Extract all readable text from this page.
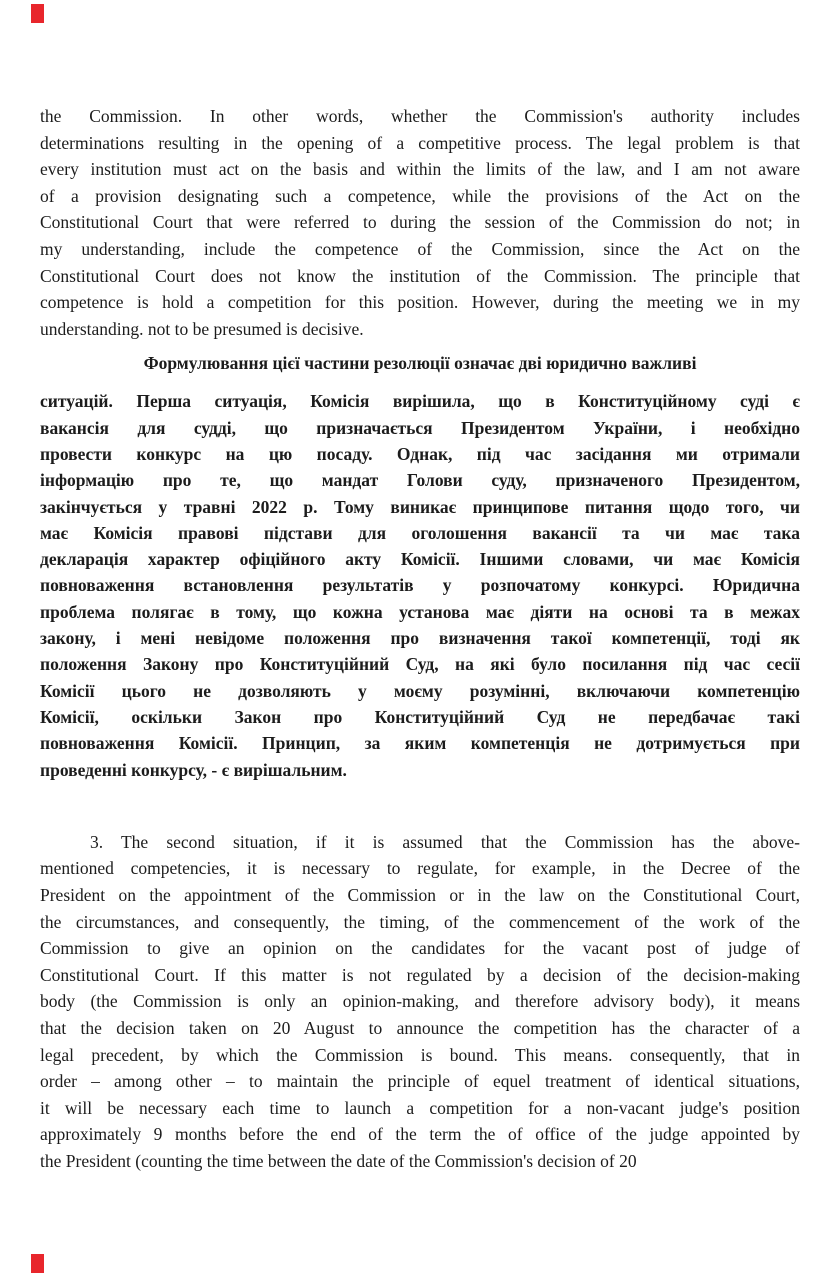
the Commission. In other words, whether the Commission's authority includes
determinations resulting in the opening of a competitive process. The legal problem is that
every institution must act on the basis and within the limits of the law, and I am not aware
of a provision designating such a competence, while the provisions of the Act on the
Constitutional Court that were referred to during the session of the Commission do not; in
my understanding, include the competence of the Commission, since the Act on the
Constitutional Court does not know the institution of the Commission. The principle that
competence is hold a competition for this position. However, during the meeting we in my
understanding. not to be presumed is decisive.
Формулювання цієї частини резолюції означає дві юридично важливі
ситуацій. Перша ситуація, Комісія вирішила, що в Конституційному суді є
вакансія для судді, що призначається Президентом України, і необхідно
провести конкурс на цю посаду. Однак, під час засідання ми отримали
інформацію про те, що мандат Голови суду, призначеного Президентом,
закінчується у травні 2022 р. Тому виникає принципове питання щодо того, чи
має Комісія правові підстави для оголошення вакансії та чи має така
декларація характер офіційного акту Комісії. Іншими словами, чи має Комісія
повноваження встановлення результатів у розпочатому конкурсі. Юридична
проблема полягає в тому, що кожна установа має діяти на основі та в межах
закону, і мені невідоме положення про визначення такої компетенції, тоді як
положення Закону про Конституційний Суд, на які було посилання під час сесії
Комісії цього не дозволяють у моєму розумінні, включаючи компетенцію
Комісії, оскільки Закон про Конституційний Суд не передбачає такі
повноваження Комісії. Принцип, за яким компетенція не дотримується при
проведенні конкурсу, - є вирішальним.
3. The second situation, if it is assumed that the Commission has the above-
mentioned competencies, it is necessary to regulate, for example, in the Decree of the
President on the appointment of the Commission or in the law on the Constitutional Court,
the circumstances, and consequently, the timing, of the commencement of the work of the
Commission to give an opinion on the candidates for the vacant post of judge of
Constitutional Court. If this matter is not regulated by a decision of the decision-making
body (the Commission is only an opinion-making, and therefore advisory body), it means
that the decision taken on 20 August to announce the competition has the character of a
legal precedent, by which the Commission is bound. This means. consequently, that in
order – among other – to maintain the principle of equel treatment of identical situations,
it will be necessary each time to launch a competition for a non-vacant judge's position
approximately 9 months before the end of the term the of office of the judge appointed by
the President (counting the time between the date of the Commission's decision of 20
